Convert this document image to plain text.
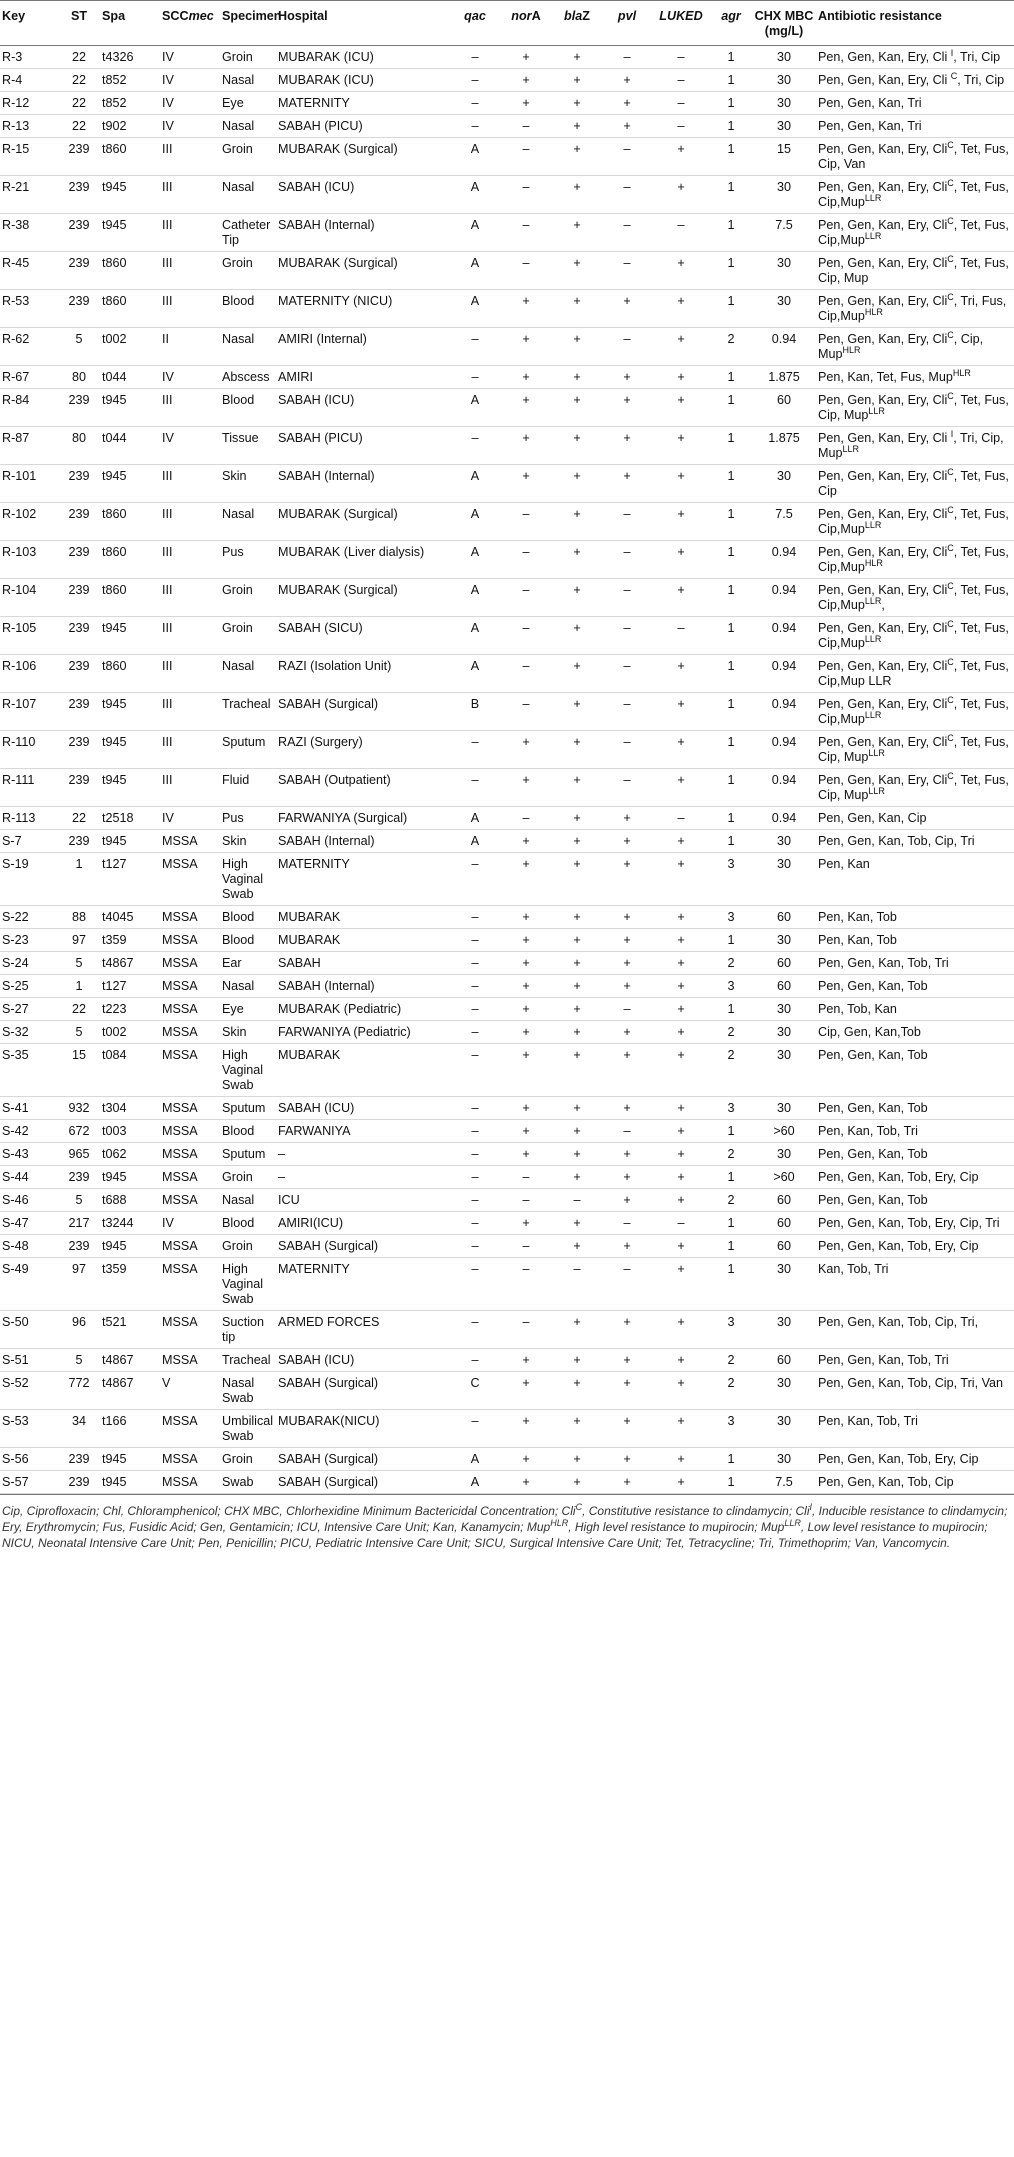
Key	ST	Spa	SCCmec	Specimen	Hospital	qac	norA	blaZ	pvl	LUKED	agr	CHX MBC (mg/L)	Antibiotic resistance
R-3	22	t4326	IV	Groin	MUBARAK (ICU)	–	+	+	–	–	1	30	Pen, Gen, Kan, Ery, Cli $^I$, Tri, Cip
R-4	22	t852	IV	Nasal	MUBARAK (ICU)	–	+	+	+	–	1	30	Pen, Gen, Kan, Ery, Cli $^C$, Tri, Cip
R-12	22	t852	IV	Eye	MATERNITY	–	+	+	+	–	1	30	Pen, Gen, Kan, Tri
R-13	22	t902	IV	Nasal	SABAH (PICU)	–	–	+	+	–	1	30	Pen, Gen, Kan, Tri
R-15	239	t860	III	Groin	MUBARAK (Surgical)	A	–	+	–	+	1	15	Pen, Gen, Kan, Ery, Cli$^C$, Tet, Fus, Cip, Van
R-21	239	t945	III	Nasal	SABAH (ICU)	A	–	+	–	+	1	30	Pen, Gen, Kan, Ery, Cli$^C$, Tet, Fus, Cip,Mup$^{LLR}$
R-38	239	t945	III	Catheter Tip	SABAH (Internal)	A	–	+	–	–	1	7.5	Pen, Gen, Kan, Ery, Cli$^C$, Tet, Fus, Cip,Mup$^{LLR}$
R-45	239	t860	III	Groin	MUBARAK (Surgical)	A	–	+	–	+	1	30	Pen, Gen, Kan, Ery, Cli$^C$, Tet, Fus, Cip, Mup
R-53	239	t860	III	Blood	MATERNITY (NICU)	A	+	+	+	+	1	30	Pen, Gen, Kan, Ery, Cli$^C$, Tri, Fus, Cip,Mup$^{HLR}$
R-62	5	t002	II	Nasal	AMIRI (Internal)	–	+	+	–	+	2	0.94	Pen, Gen, Kan, Ery, Cli$^C$, Cip, Mup$^{HLR}$
R-67	80	t044	IV	Abscess	AMIRI	–	+	+	+	+	1	1.875	Pen, Kan, Tet, Fus, Mup$^{HLR}$
R-84	239	t945	III	Blood	SABAH (ICU)	A	+	+	+	+	1	60	Pen, Gen, Kan, Ery, Cli$^C$, Tet, Fus, Cip, Mup$^{LLR}$
R-87	80	t044	IV	Tissue	SABAH (PICU)	–	+	+	+	+	1	1.875	Pen, Gen, Kan, Ery, Cli $^I$, Tri, Cip, Mup$^{LLR}$
R-101	239	t945	III	Skin	SABAH (Internal)	A	+	+	+	+	1	30	Pen, Gen, Kan, Ery, Cli$^C$, Tet, Fus, Cip
R-102	239	t860	III	Nasal	MUBARAK (Surgical)	A	–	+	–	+	1	7.5	Pen, Gen, Kan, Ery, Cli$^C$, Tet, Fus, Cip,Mup$^{LLR}$
R-103	239	t860	III	Pus	MUBARAK (Liver dialysis)	A	–	+	–	+	1	0.94	Pen, Gen, Kan, Ery, Cli$^C$, Tet, Fus, Cip,Mup$^{HLR}$
R-104	239	t860	III	Groin	MUBARAK (Surgical)	A	–	+	–	+	1	0.94	Pen, Gen, Kan, Ery, Cli$^C$, Tet, Fus, Cip,Mup$^{LLR}$,
R-105	239	t945	III	Groin	SABAH (SICU)	A	–	+	–	–	1	0.94	Pen, Gen, Kan, Ery, Cli$^C$, Tet, Fus, Cip,Mup$^{LLR}$
R-106	239	t860	III	Nasal	RAZI (Isolation Unit)	A	–	+	–	+	1	0.94	Pen, Gen, Kan, Ery, Cli$^C$, Tet, Fus, Cip,Mup LLR
R-107	239	t945	III	Tracheal	SABAH (Surgical)	B	–	+	–	+	1	0.94	Pen, Gen, Kan, Ery, Cli$^C$, Tet, Fus, Cip,Mup$^{LLR}$
R-110	239	t945	III	Sputum	RAZI (Surgery)	–	+	+	–	+	1	0.94	Pen, Gen, Kan, Ery, Cli$^C$, Tet, Fus, Cip, Mup$^{LLR}$
R-111	239	t945	III	Fluid	SABAH (Outpatient)	–	+	+	–	+	1	0.94	Pen, Gen, Kan, Ery, Cli$^C$, Tet, Fus, Cip, Mup$^{LLR}$
R-113	22	t2518	IV	Pus	FARWANIYA (Surgical)	A	–	+	+	–	1	0.94	Pen, Gen, Kan, Cip
S-7	239	t945	MSSA	Skin	SABAH (Internal)	A	+	+	+	+	1	30	Pen, Gen, Kan, Tob, Cip, Tri
S-19	1	t127	MSSA	High Vaginal Swab	MATERNITY	–	+	+	+	+	3	30	Pen, Kan
S-22	88	t4045	MSSA	Blood	MUBARAK	–	+	+	+	+	3	60	Pen, Kan, Tob
S-23	97	t359	MSSA	Blood	MUBARAK	–	+	+	+	+	1	30	Pen, Kan, Tob
S-24	5	t4867	MSSA	Ear	SABAH	–	+	+	+	+	2	60	Pen, Gen, Kan, Tob, Tri
S-25	1	t127	MSSA	Nasal	SABAH (Internal)	–	+	+	+	+	3	60	Pen, Gen, Kan, Tob
S-27	22	t223	MSSA	Eye	MUBARAK (Pediatric)	–	+	+	–	+	1	30	Pen, Tob, Kan
S-32	5	t002	MSSA	Skin	FARWANIYA (Pediatric)	–	+	+	+	+	2	30	Cip, Gen, Kan,Tob
S-35	15	t084	MSSA	High Vaginal Swab	MUBARAK	–	+	+	+	+	2	30	Pen, Gen, Kan, Tob
S-41	932	t304	MSSA	Sputum	SABAH (ICU)	–	+	+	+	+	3	30	Pen, Gen, Kan, Tob
S-42	672	t003	MSSA	Blood	FARWANIYA	–	+	+	–	+	1	>60	Pen, Kan, Tob, Tri
S-43	965	t062	MSSA	Sputum	–	–	+	+	+	+	2	30	Pen, Gen, Kan, Tob
S-44	239	t945	MSSA	Groin	–	–	–	+	+	+	1	>60	Pen, Gen, Kan, Tob, Ery, Cip
S-46	5	t688	MSSA	Nasal	ICU	–	–	–	+	+	2	60	Pen, Gen, Kan, Tob
S-47	217	t3244	IV	Blood	AMIRI(ICU)	–	+	+	–	–	1	60	Pen, Gen, Kan, Tob, Ery, Cip, Tri
S-48	239	t945	MSSA	Groin	SABAH (Surgical)	–	–	+	+	+	1	60	Pen, Gen, Kan, Tob, Ery, Cip
S-49	97	t359	MSSA	High Vaginal Swab	MATERNITY	–	–	–	–	+	1	30	Kan, Tob, Tri
S-50	96	t521	MSSA	Suction tip	ARMED FORCES	–	–	+	+	+	3	30	Pen, Gen, Kan, Tob, Cip, Tri,
S-51	5	t4867	MSSA	Tracheal	SABAH (ICU)	–	+	+	+	+	2	60	Pen, Gen, Kan, Tob, Tri
S-52	772	t4867	V	Nasal Swab	SABAH (Surgical)	C	+	+	+	+	2	30	Pen, Gen, Kan, Tob, Cip, Tri, Van
S-53	34	t166	MSSA	Umbilical Swab	MUBARAK(NICU)	–	+	+	+	+	3	30	Pen, Kan, Tob, Tri
S-56	239	t945	MSSA	Groin	SABAH (Surgical)	A	+	+	+	+	1	30	Pen, Gen, Kan, Tob, Ery, Cip
S-57	239	t945	MSSA	Swab	SABAH (Surgical)	A	+	+	+	+	1	7.5	Pen, Gen, Kan, Tob, Cip
Cip, Ciprofloxacin; Chl, Chloramphenicol; CHX MBC, Chlorhexidine Minimum Bactericidal Concentration; Cli$^C$, Constitutive resistance to clindamycin; Cli$^I$, Inducible resistance to clindamycin; Ery, Erythromycin; Fus, Fusidic Acid; Gen, Gentamicin; ICU, Intensive Care Unit; Kan, Kanamycin; Mup$^{HLR}$, High level resistance to mupirocin; Mup$^{LLR}$, Low level resistance to mupirocin; NICU, Neonatal Intensive Care Unit; Pen, Penicillin; PICU, Pediatric Intensive Care Unit; SICU, Surgical Intensive Care Unit; Tet, Tetracycline; Tri, Trimethoprim; Van, Vancomycin.
